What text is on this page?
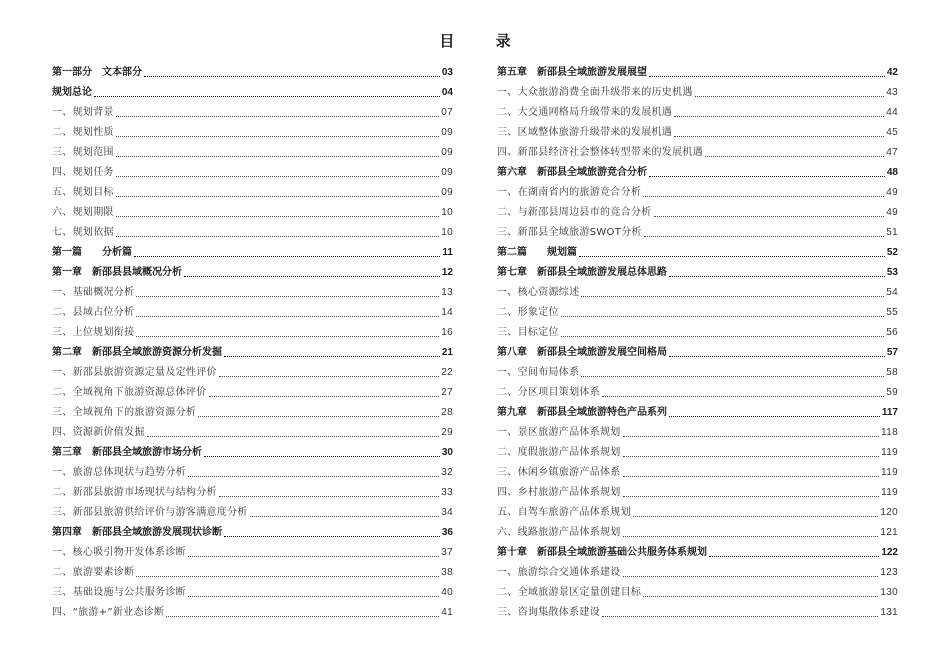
目 录
第一部分　文本部分	03
规划总论	04
一、规划背景	07
二、规划性质	09
三、规划范围	09
四、规划任务	09
五、规划目标	09
六、规划期限	10
七、规划依据	10
第一篇　　分析篇	11
第一章　新邵县县域概况分析	12
一、基础概况分析	13
二、县域占位分析	14
三、上位规划衔接	16
第二章　新邵县全域旅游资源分析发掘	21
一、新邵县旅游资源定量及定性评价	22
二、全域视角下旅游资源总体评价	27
三、全域视角下的旅游资源分析	28
四、资源新价值发掘	29
第三章　新邵县全域旅游市场分析	30
一、旅游总体现状与趋势分析	32
二、新邵县旅游市场现状与结构分析	33
三、新邵县旅游供给评价与游客满意度分析	34
第四章　新邵县全域旅游发展现状诊断	36
一、核心吸引物开发体系诊断	37
二、旅游要素诊断	38
三、基础设施与公共服务诊断	40
四、“旅游+”新业态诊断	41
第五章　新邵县全域旅游发展展望	42
一、大众旅游消费全面升级带来的历史机遇	43
二、大交通网格局升级带来的发展机遇	44
三、区域整体旅游升级带来的发展机遇	45
四、新邵县经济社会整体转型带来的发展机遇	47
第六章　新邵县全域旅游竞合分析	48
一、在湖南省内的旅游竞合分析	49
二、与新邵县周边县市的竞合分析	49
三、新邵县全域旅游SWOT分析	51
第二篇　　规划篇	52
第七章　新邵县全域旅游发展总体思路	53
一、核心资源综述	54
二、形象定位	55
三、目标定位	56
第八章　新邵县全域旅游发展空间格局	57
一、空间布局体系	58
二、分区项目策划体系	59
第九章　新邵县全域旅游特色产品系列	117
一、景区旅游产品体系规划	118
二、度假旅游产品体系规划	119
三、休闲乡镇旅游产品体系	119
四、乡村旅游产品体系规划	119
五、自驾车旅游产品体系规划	120
六、线路旅游产品体系规划	121
第十章　新邵县全域旅游基础公共服务体系规划	122
一、旅游综合交通体系建设	123
二、全域旅游景区定量创建目标	130
三、咨询集散体系建设	131
